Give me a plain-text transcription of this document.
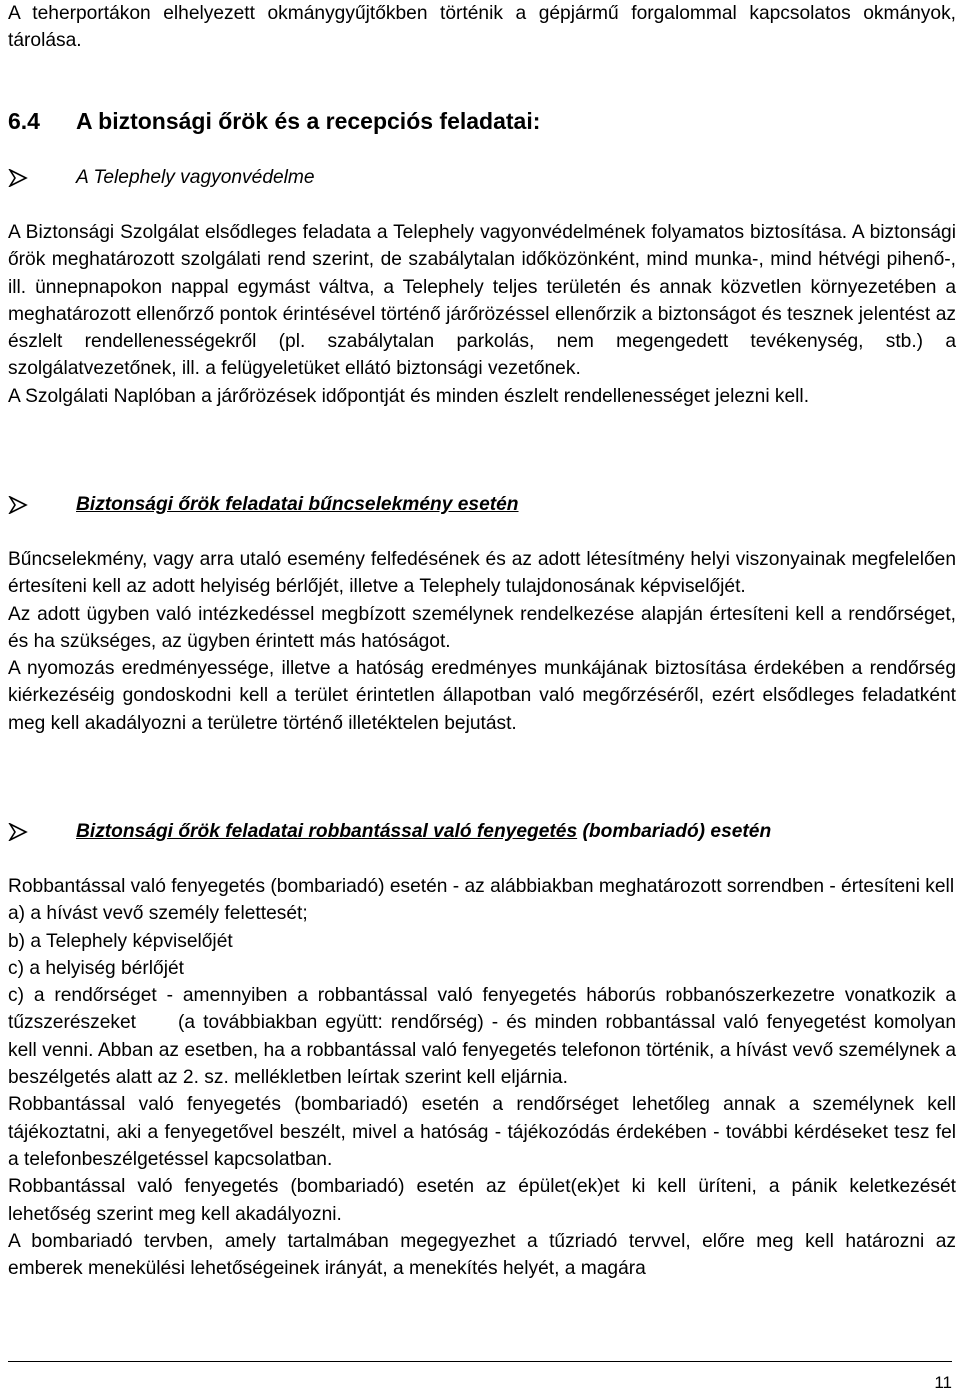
A teherportákon elhelyezett okmánygyűjtőkben történik a gépjármű forgalommal kapcsolatos okmányok, tárolása.

6.4 A biztonsági őrök és a recepciós feladatai:
A Telephely vagyonvédelme

A Biztonsági Szolgálat elsődleges feladata a Telephely vagyonvédelmének folyamatos biztosítása. A biztonsági őrök meghatározott szolgálati rend szerint, de szabálytalan időközönként, mind munka-, mind hétvégi pihenő-, ill. ünnepnapokon nappal egymást váltva, a Telephely teljes területén és annak közvetlen környezetében a meghatározott ellenőrző pontok érintésével történő járőrözéssel ellenőrzik a biztonságot és tesznek jelentést az észlelt rendellenességekről (pl. szabálytalan parkolás, nem megengedett tevékenység, stb.) a szolgálatvezetőnek, ill. a felügyeletüket ellátó biztonsági vezetőnek.

A Szolgálati Naplóban a járőrözések időpontját és minden észlelt rendellenességet jelezni kell.

Biztonsági őrök feladatai bűncselekmény esetén

Bűncselekmény, vagy arra utaló esemény felfedésének és az adott létesítmény helyi viszonyainak megfelelően értesíteni kell az adott helyiség bérlőjét, illetve a Telephely tulajdonosának képviselőjét.

Az adott ügyben való intézkedéssel megbízott személynek rendelkezése alapján értesíteni kell a rendőrséget, és ha szükséges, az ügyben érintett más hatóságot.

A nyomozás eredményessége, illetve a hatóság eredményes munkájának biztosítása érdekében a rendőrség kiérkezéséig gondoskodni kell a terület érintetlen állapotban való megőrzéséről, ezért elsődleges feladatként meg kell akadályozni a területre történő illetéktelen bejutást.

Biztonsági őrök feladatai robbantással való fenyegetés (bombariadó) esetén

Robbantással való fenyegetés (bombariadó) esetén - az alábbiakban meghatározott sorrendben - értesíteni kell

a) a hívást vevő személy felettesét;

b) a Telephely képviselőjét

c) a helyiség bérlőjét

c) a rendőrséget - amennyiben a robbantással való fenyegetés háborús robbanószerkezetre vonatkozik a tűzszerészeket (a továbbiakban együtt: rendőrség) - és minden robbantással való fenyegetést komolyan kell venni. Abban az esetben, ha a robbantással való fenyegetés telefonon történik, a hívást vevő személynek a beszélgetés alatt az 2. sz. mellékletben leírtak szerint kell eljárnia.

Robbantással való fenyegetés (bombariadó) esetén a rendőrséget lehetőleg annak a személynek kell tájékoztatni, aki a fenyegetővel beszélt, mivel a hatóság - tájékozódás érdekében - további kérdéseket tesz fel a telefonbeszélgetéssel kapcsolatban.

Robbantással való fenyegetés (bombariadó) esetén az épület(ek)et ki kell üríteni, a pánik keletkezését lehetőség szerint meg kell akadályozni.

A bombariadó tervben, amely tartalmában megegyezhet a tűzriadó tervvel, előre meg kell határozni az emberek menekülési lehetőségeinek irányát, a menekítés helyét, a magára

11
